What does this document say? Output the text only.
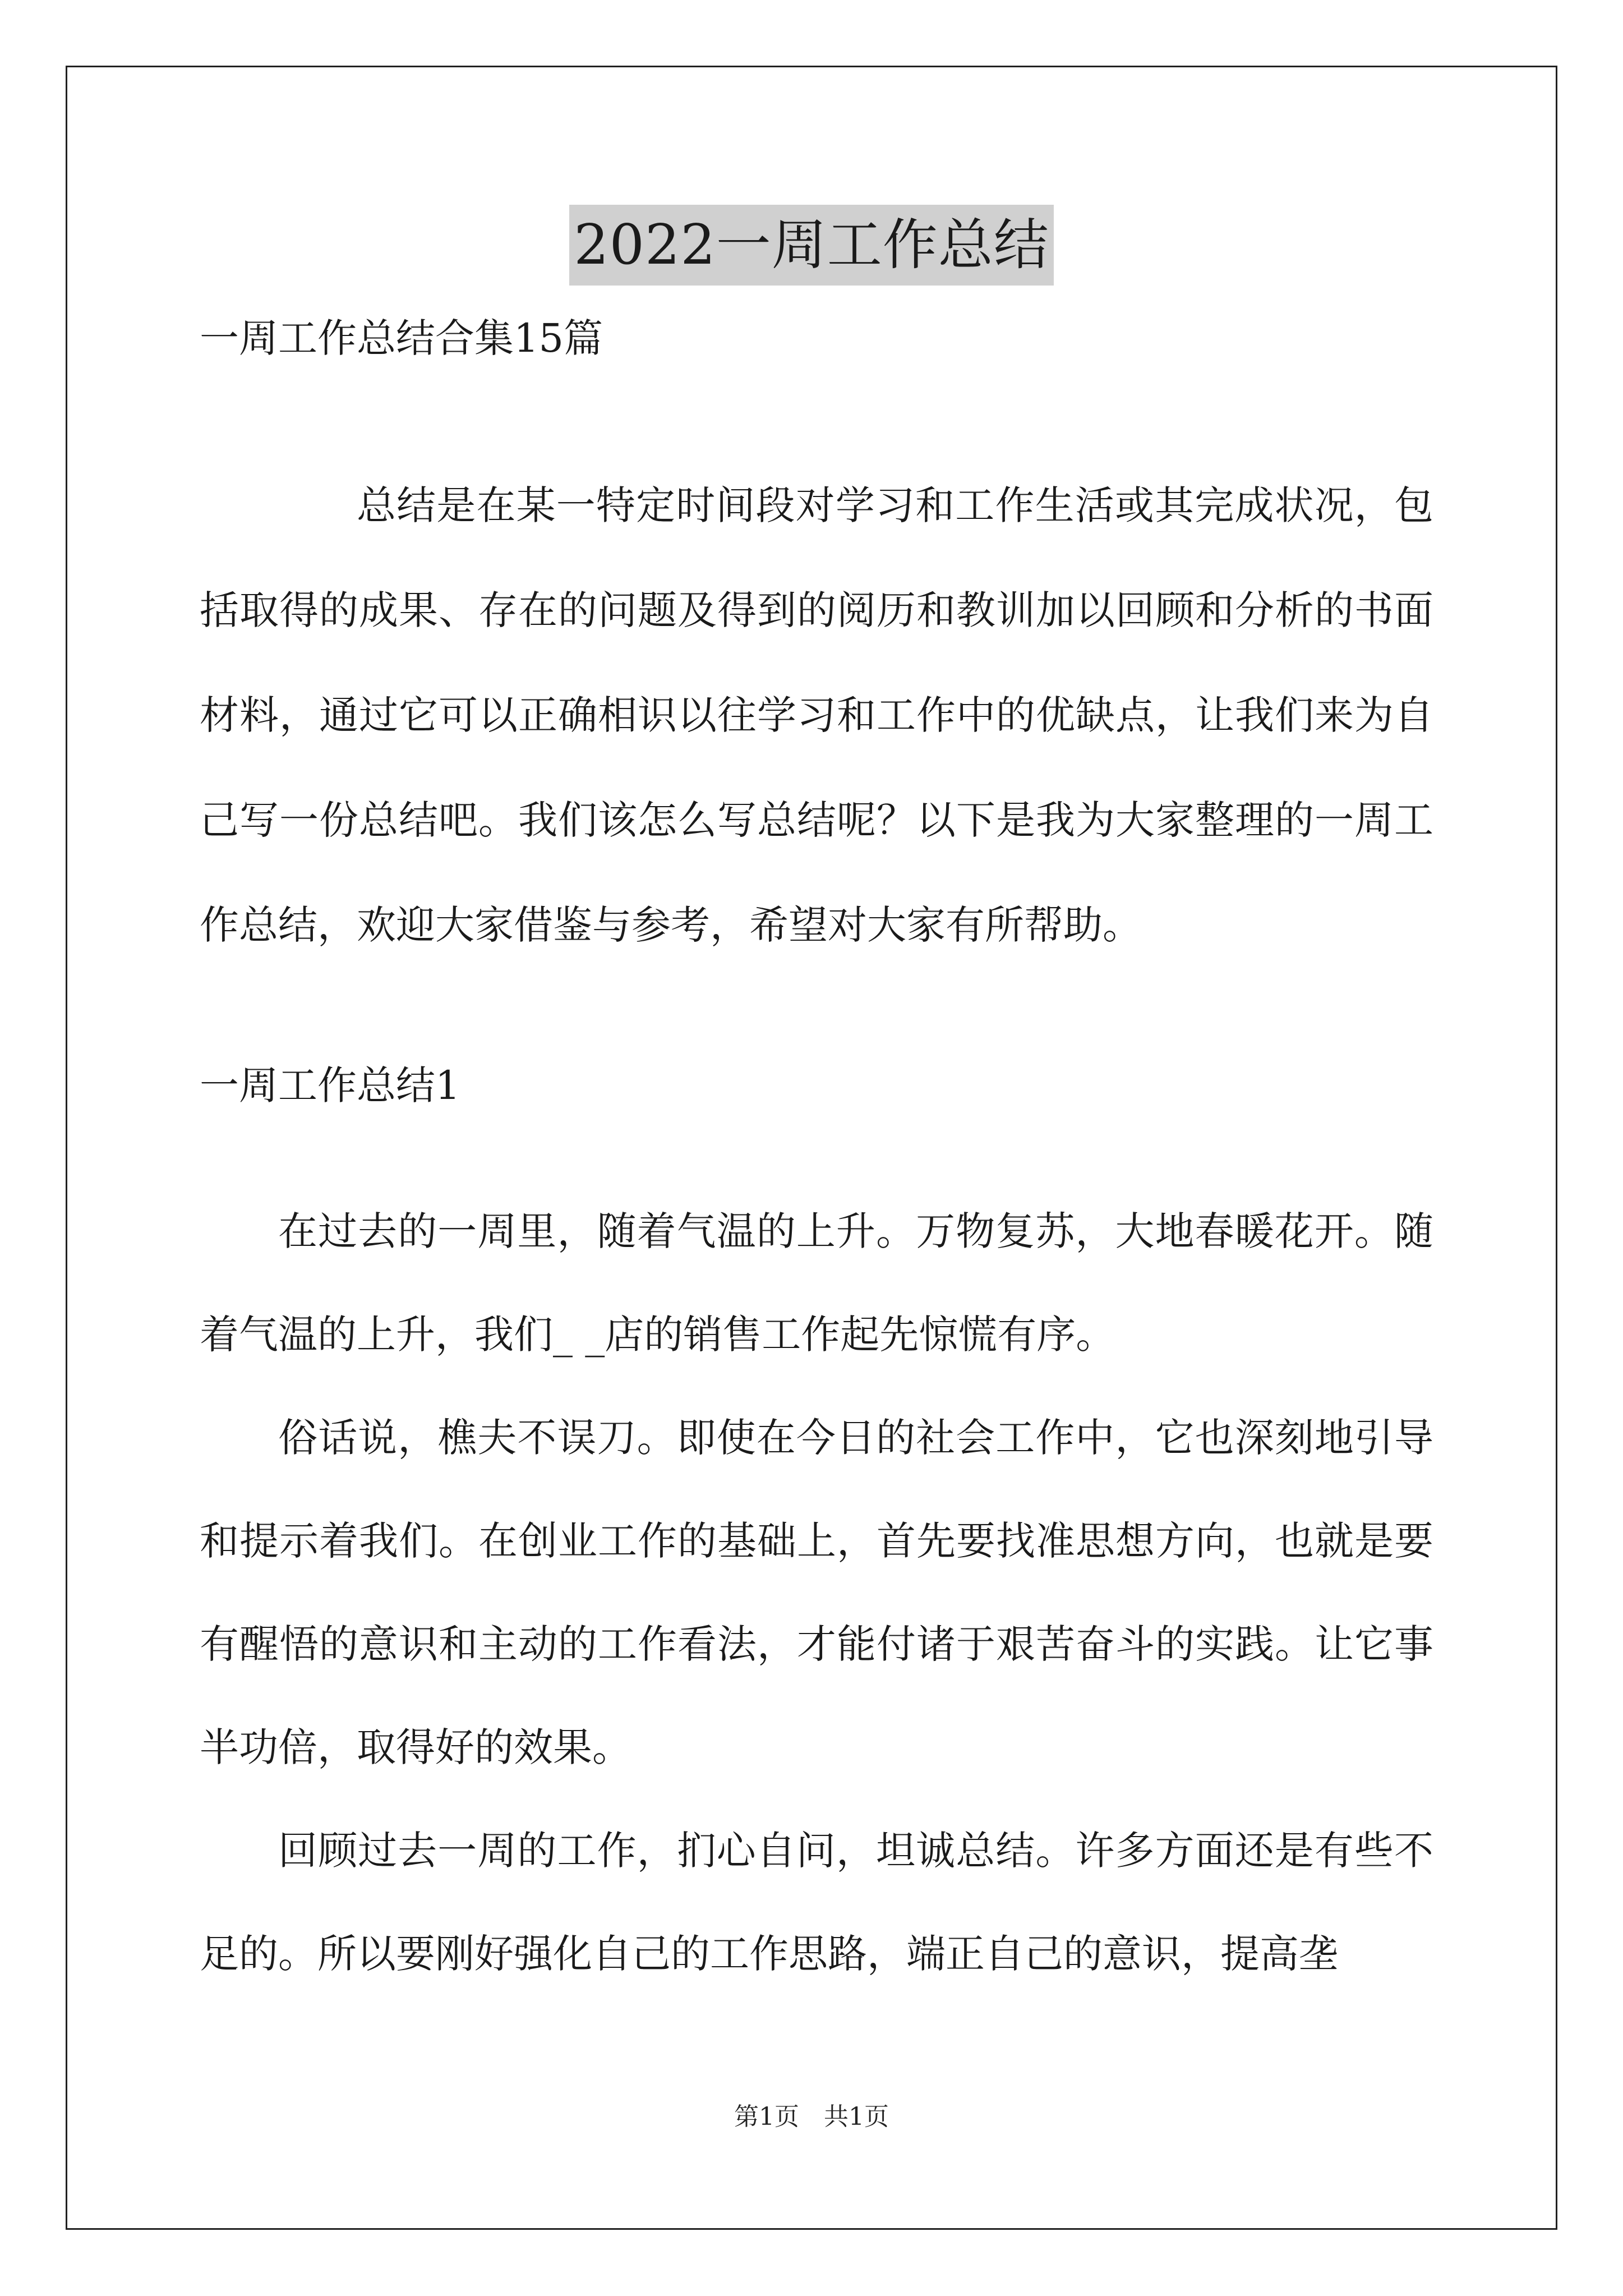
2022一周工作总结
一周工作总结合集15篇
总结是在某一特定时间段对学习和工作生活或其完成状况，包括取得的成果、存在的问题及得到的阅历和教训加以回顾和分析的书面材料，通过它可以正确相识以往学习和工作中的优缺点，让我们来为自己写一份总结吧。我们该怎么写总结呢？以下是我为大家整理的一周工作总结，欢迎大家借鉴与参考，希望对大家有所帮助。
一周工作总结1

在过去的一周里，随着气温的上升。万物复苏，大地春暖花开。随着气温的上升，我们_ _店的销售工作起先惊慌有序。

俗话说，樵夫不误刀。即使在今日的社会工作中，它也深刻地引导和提示着我们。在创业工作的基础上，首先要找准思想方向，也就是要有醒悟的意识和主动的工作看法，才能付诸于艰苦奋斗的实践。让它事半功倍，取得好的效果。

回顾过去一周的工作，扪心自问，坦诚总结。许多方面还是有些不足的。所以要刚好强化自己的工作思路，端正自己的意识，提高垄

第1页　共1页
